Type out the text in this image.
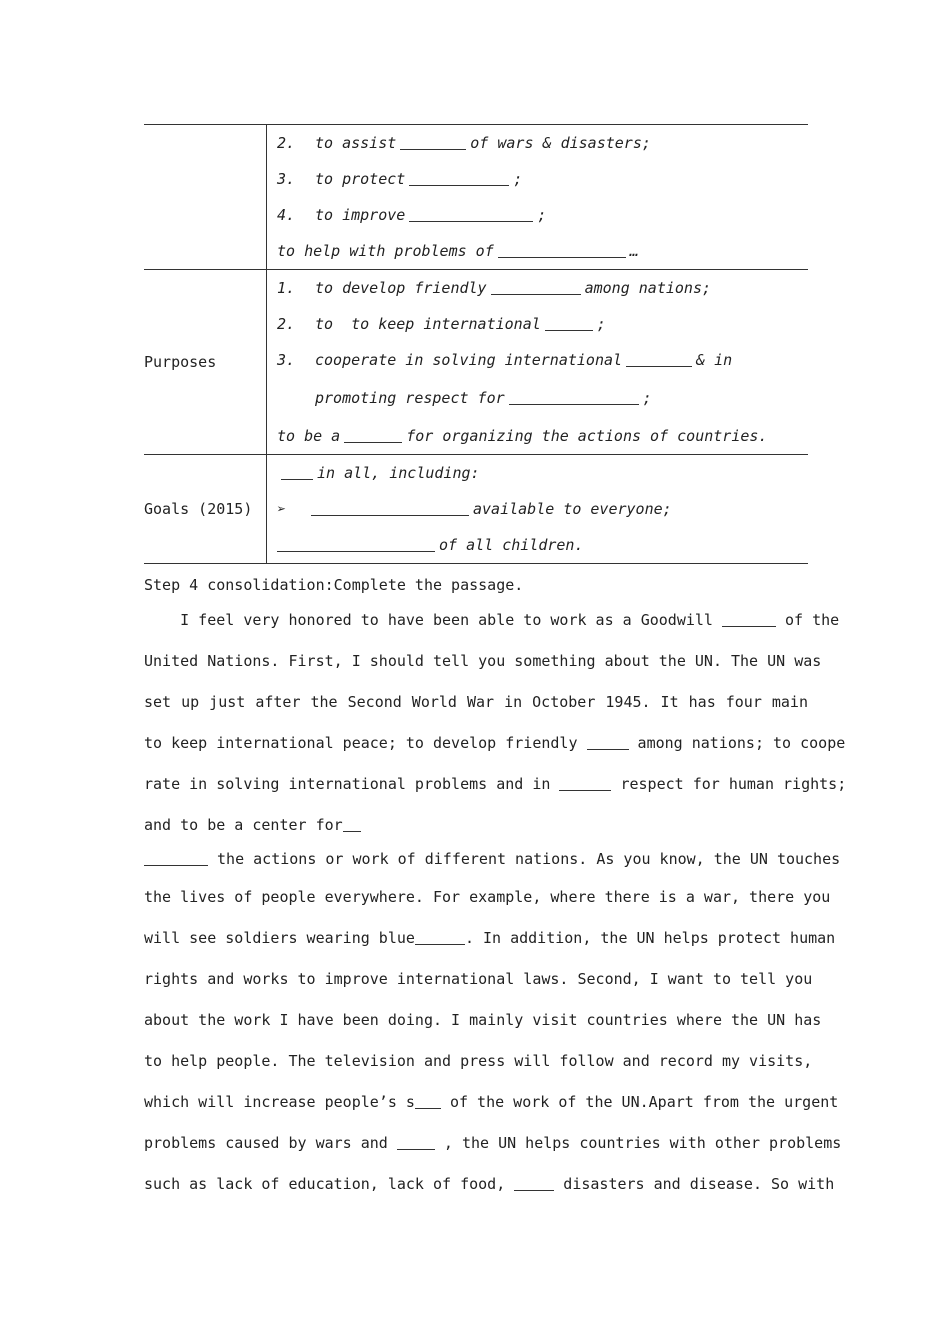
	2. to assist of wars & disasters;
3. to protect ;
4. to improve ;
to help with problems of …

Purposes	1. to develop friendly among nations;
2. to  to keep international ;
3. cooperate in solving international & in
promoting respect for ;
to be a for organizing the actions of countries.

Goals (2015)	in all, including:
➢ available to everyone;
of all children.
Step 4 consolidation:Complete the passage.
I feel very honored to have been able to work as a Goodwill	of the
United Nations. First, I should tell you something about the UN. The UN was
set up just after the Second World War in October 1945. It has four main
to keep international peace; to develop friendly	among nations; to coope
rate in solving international problems and in	respect for human rights;
and to be a center for
the actions or work of different nations. As you know, the UN touches
the lives of people everywhere. For example, where there is a war, there you
will see soldiers wearing blue	. In addition, the UN helps protect human
rights and works to improve international laws. Second, I want to tell you
about the work I have been doing. I mainly visit countries where the UN has
to help people. The television and press will follow and record my visits,
which will increase people’s s of the work of the UN.Apart from the urgent
problems caused by wars and	, the UN helps countries with other problems
such as lack of education, lack of food,	disasters and disease. So with
